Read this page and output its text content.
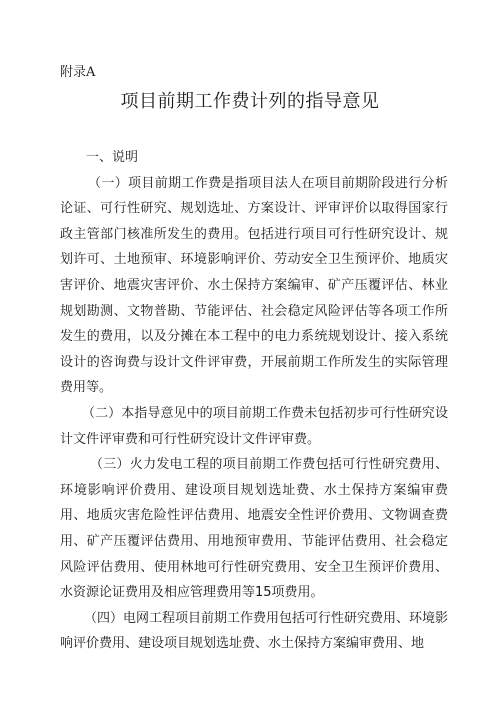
附录A
项目前期工作费计列的指导意见

一、说明

（一）项目前期工作费是指项目法人在项目前期阶段进行分析论证、可行性研究、规划选址、方案设计、评审评价以取得国家行政主管部门核准所发生的费用。包括进行项目可行性研究设计、规划许可、土地预审、环境影响评价、劳动安全卫生预评价、地质灾害评价、地震灾害评价、水土保持方案编审、矿产压覆评估、林业规划勘测、文物普勘、节能评估、社会稳定风险评估等各项工作所发生的费用，以及分摊在本工程中的电力系统规划设计、接入系统设计的咨询费与设计文件评审费，开展前期工作所发生的实际管理费用等。

（二）本指导意见中的项目前期工作费未包括初步可行性研究设计文件评审费和可行性研究设计文件评审费。

（三）火力发电工程的项目前期工作费包括可行性研究费用、环境影响评价费用、建设项目规划选址费、水土保持方案编审费用、地质灾害危险性评估费用、地震安全性评价费用、文物调查费用、矿产压覆评估费用、用地预审费用、节能评估费用、社会稳定风险评估费用、使用林地可行性研究费用、安全卫生预评价费用、水资源论证费用及相应管理费用等15项费用。

（四）电网工程项目前期工作费用包括可行性研究费用、环境影响评价费用、建设项目规划选址费、水土保持方案编审费用、地
